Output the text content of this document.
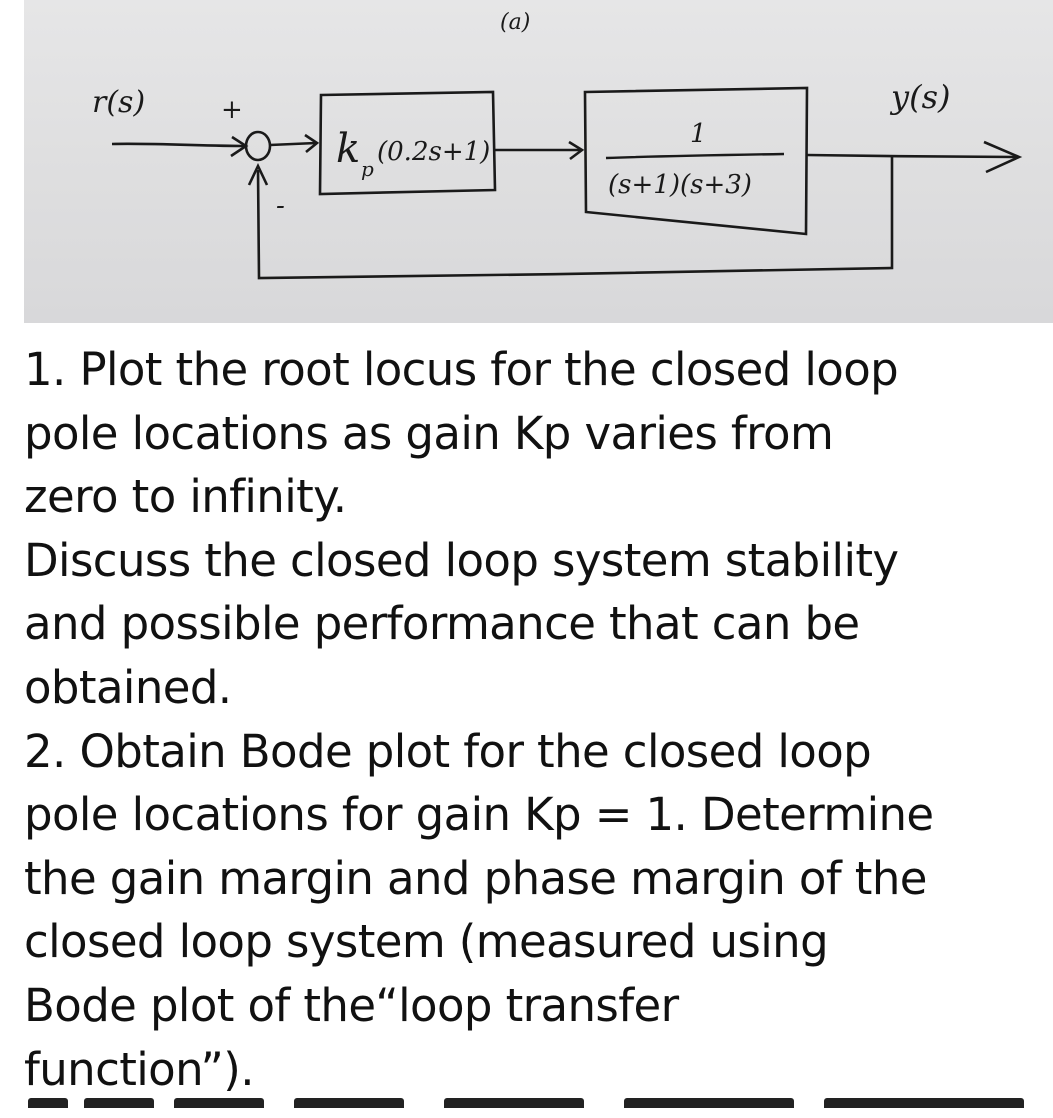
(a)
r(s)	+
k p
(0.2s+1)
1
(s+1)(s+3)
y(s)
-

1. Plot the root locus for the closed loop

pole locations as gain Kp varies from

zero to infinity.

Discuss the closed loop system stability

and possible performance that can be

obtained.

2. Obtain Bode plot for the closed loop

pole locations for gain Kp = 1. Determine

the gain margin and phase margin of the

closed loop system (measured using

Bode plot of the“loop transfer

function”).
